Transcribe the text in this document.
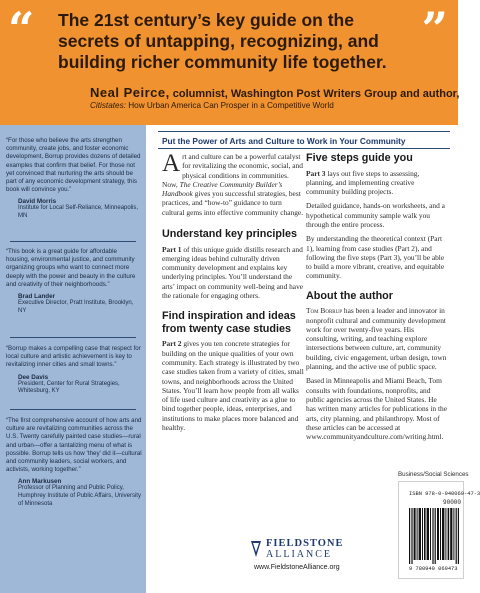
“ The 21st century’s key guide on the secrets of untapping, recognizing, and building richer community life together.

”
Neal Peirce, columnist, Washington Post Writers Group and author,
Citistates: How Urban America Can Prosper in a Competitive World

“For those who believe the arts strengthen community, create jobs, and foster economic development, Borrup provides dozens of detailed examples that confirm that belief. For those not yet convinced that nurturing the arts should be part of any economic development strategy, this book will convince you.”

David Morris

Institute for Local Self-Reliance, Minneapolis, MN

“This book is a great guide for affordable housing, environmental justice, and community organizing groups who want to connect more deeply with the power and beauty in the culture and creativity of their neighborhoods.”

Brad Lander

Executive Director, Pratt Institute, Brooklyn, NY

“Borrup makes a compelling case that respect for local culture and artistic achievement is key to revitalizing inner cities and small towns.”

Dee Davis

President, Center for Rural Strategies, Whitesburg, KY

“The first comprehensive account of how arts and culture are revitalizing communities across the U.S. Twenty carefully painted case studies—rural and urban—offer a tantalizing menu of what is possible. Borrup tells us how ‘they’ did it—cultural and community leaders, social workers, and activists, working together.”

Ann Markusen

Professor of Planning and Public Policy, Humphrey Institute of Public Affairs, University of Minnesota

Put the Power of Arts and Culture to Work in Your Community

Art and culture can be a powerful catalyst for revitalizing the economic, social, and physical conditions in communities. Now, The Creative Community Builder’s Handbook gives you successful strategies, best practices, and “how-to” guidance to turn cultural gems into effective community change.

Understand key principles

Part 1 of this unique guide distills research and emerging ideas behind culturally driven community development and explains key underlying principles. You’ll understand the arts’ impact on community well-being and have the rationale for engaging others.

Find inspiration and ideas from twenty case studies

Part 2 gives you ten concrete strategies for building on the unique qualities of your own community. Each strategy is illustrated by two case studies taken from a variety of cities, small towns, and neighborhoods across the United States. You’ll learn how people from all walks of life used culture and creativity as a glue to bind together people, ideas, enterprises, and institutions to make places more balanced and healthy.

Five steps guide you

Part 3 lays out five steps to assessing, planning, and implementing creative community building projects.

Detailed guidance, hands-on worksheets, and a hypothetical community sample walk you through the entire process.

By understanding the theoretical context (Part 1), learning from case studies (Part 2), and following the five steps (Part 3), you’ll be able to build a more vibrant, creative, and equitable community.

About the author

Tom Borrup has been a leader and innovator in nonprofit cultural and community development work for over twenty-five years. His consulting, writing, and teaching explore intersections between culture, art, community building, civic engagement, urban design, town planning, and the active use of public space.

Based in Minneapolis and Miami Beach, Tom consults with foundations, nonprofits, and public agencies across the United States. He has written many articles for publications in the arts, city planning, and philanthropy. Most of these articles can be accessed at www.communityandculture.com/writing.html.

Business/Social Sciences
ISBN 978-0-940069-47-3
90000
9 780940 069473
FIELDSTONE
ALLIANCE
www.FieldstoneAlliance.org
